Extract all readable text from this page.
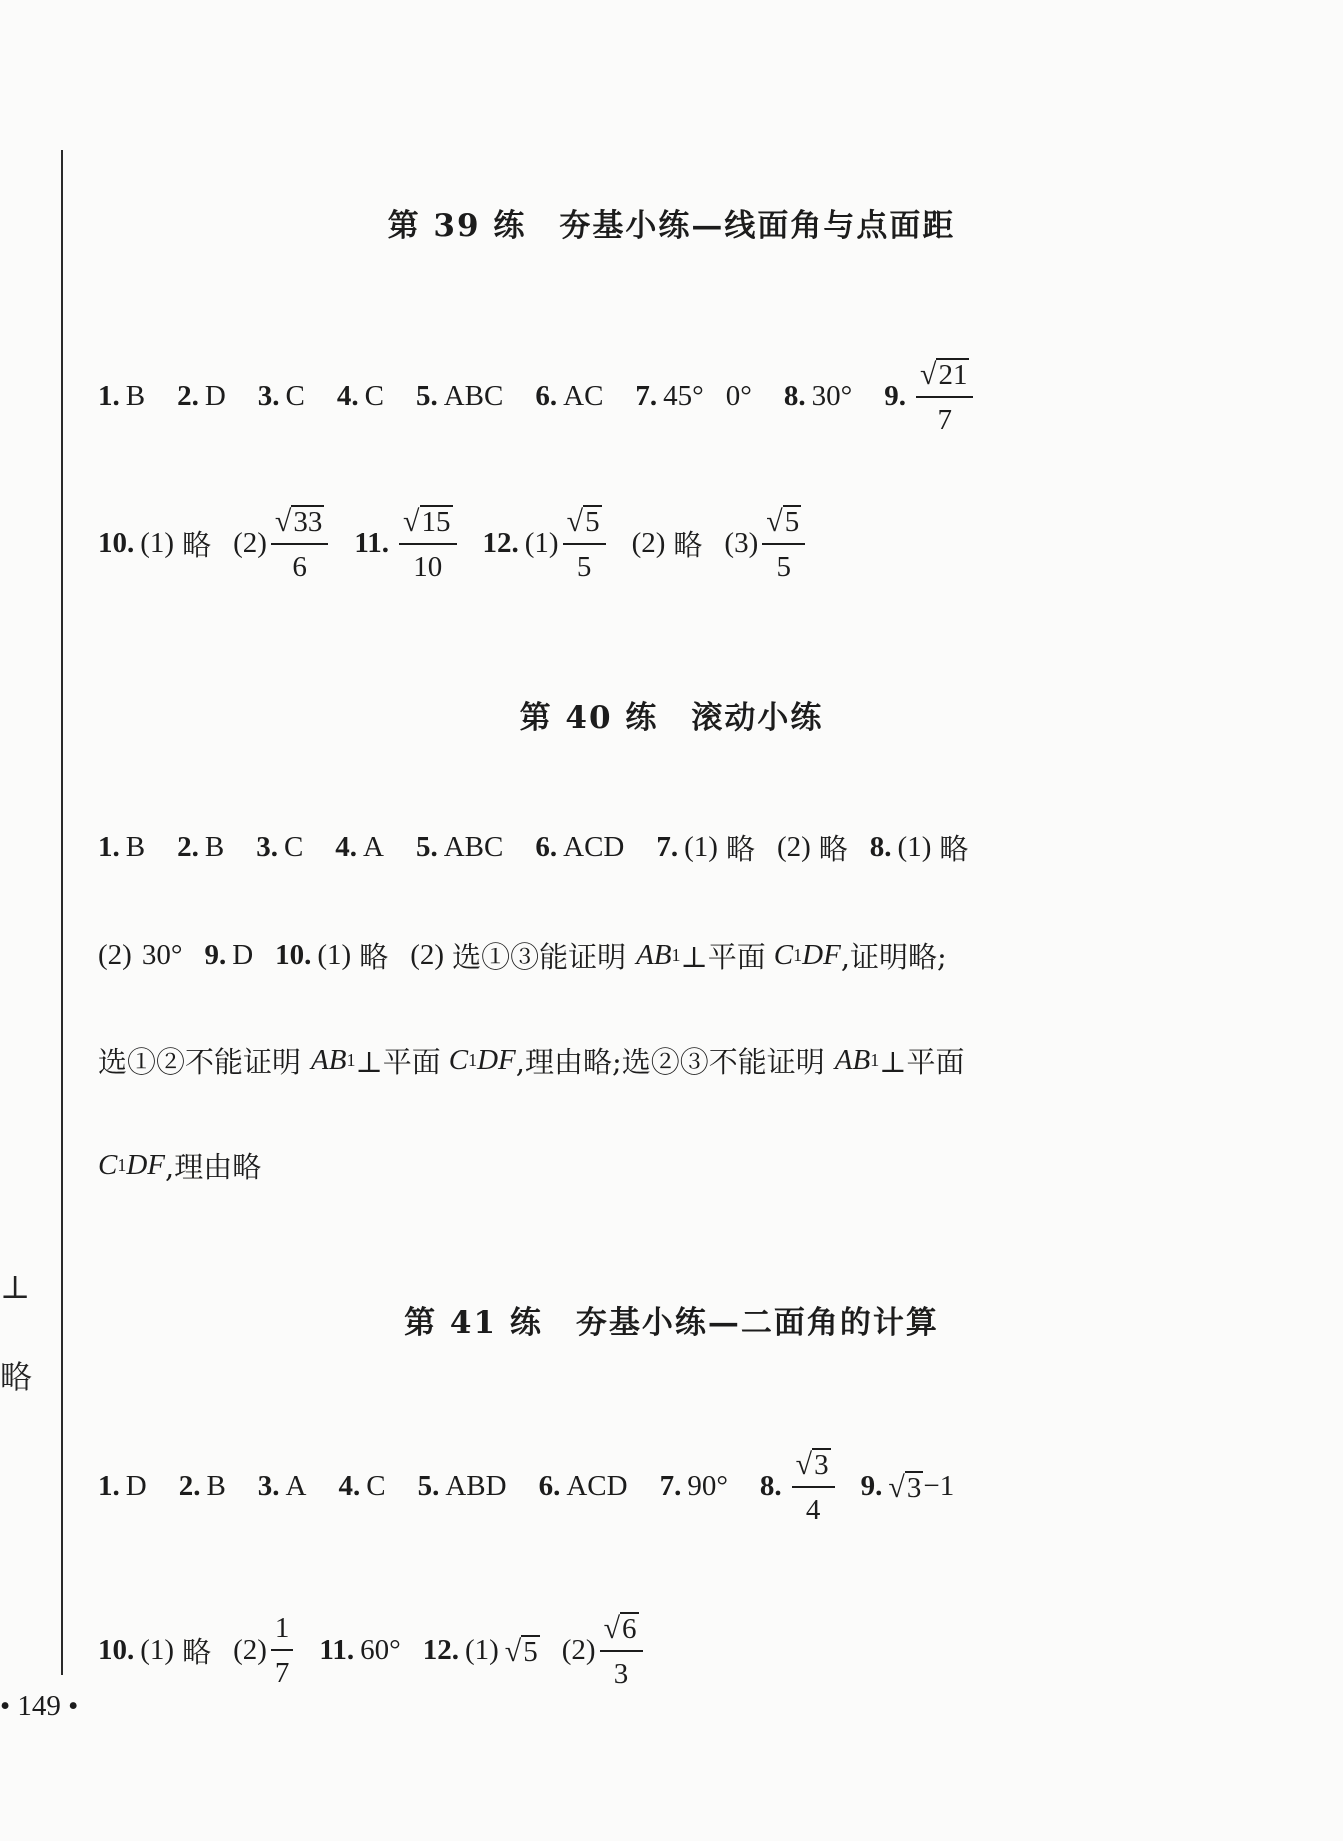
⊥
略
第 39 练　夯基小练—线面角与点面距
1. B 2. D 3. C 4. C 5. ABC 6. AC 7. 45° 0° 8. 30° 9. $\frac{√ 21}{7}$
10. (1) 略 $(2) \frac{√ 33}{6} 11$. $\frac{√ 15}{10} 12$. $(1) \frac{√ 5}{5} (2)$ 略 $(3) \frac{√ 5}{5}$
第 40 练　滚动小练
1. B 2. B 3. C 4. A 5. ABC 6. ACD 7. (1) 略 (2) 略 8. (1) 略
(2) 30° 9. D 10. (1) 略 (2) 选①③能证明 AB 1 ⊥平面 C 1 DF ,证明略;
选①②不能证明 AB 1 ⊥平面 C 1 DF ,理由略;选②③不能证明 AB 1 ⊥平面
C 1 DF ,理由略
第 41 练　夯基小练—二面角的计算
1. D 2. B 3. A 4. C 5. ABD 6. ACD 7. 90° 8. $\frac{√ 3}{4} 9$. √ 3 −1
10. (1) 略 $(2) \frac{1}{7} 11$. 60° 12. (1) √ 5 $(2) \frac{√ 6}{3}$
• 149 •
